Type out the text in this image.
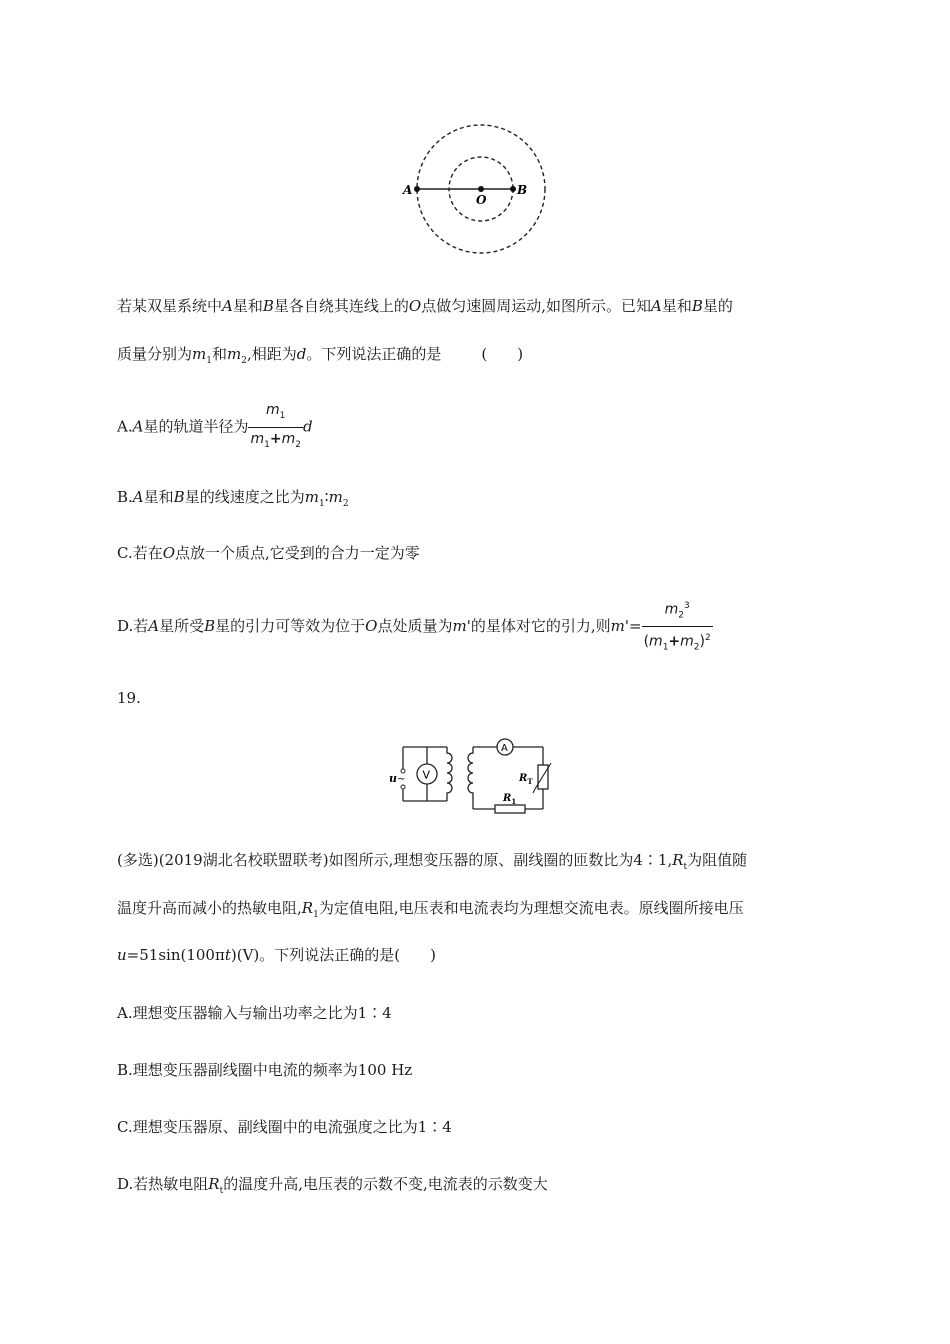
A
O
B
若某双星系统中A星和B星各自绕其连线上的O点做匀速圆周运动,如图所示。已知A星和B星的
质量分别为$m_1$和$m_2$,相距为d。下列说法正确的是	(　　)
A.A星的轨道半径为 $\frac{m_1}{m_1+m_2}$ d
B.A星和B星的线速度之比为$m_1∶m_2$
C.若在O点放一个质点,它受到的合力一定为零
D.若A星所受B星的引力可等效为位于O点处质量为m'的星体对它的引力,则$m'= \frac{m_2^3}{(m_1+m_2)^2}$
19.
~
u V
A
$R_T$
$R_1$
(多选)(2019湖北名校联盟联考)如图所示,理想变压器的原、副线圈的匝数比为$4∶1,R_t$为阻值随
温度升高而减小的热敏电阻$,R_1$为定值电阻,电压表和电流表均为理想交流电表。原线圈所接电压
u=51sin(100πt)(V)。下列说法正确的是(　　)
A.理想变压器输入与输出功率之比为1∶4
B.理想变压器副线圈中电流的频率为100 Hz
C.理想变压器原、副线圈中的电流强度之比为1∶4
D.若热敏电阻$R_t$的温度升高,电压表的示数不变,电流表的示数变大
